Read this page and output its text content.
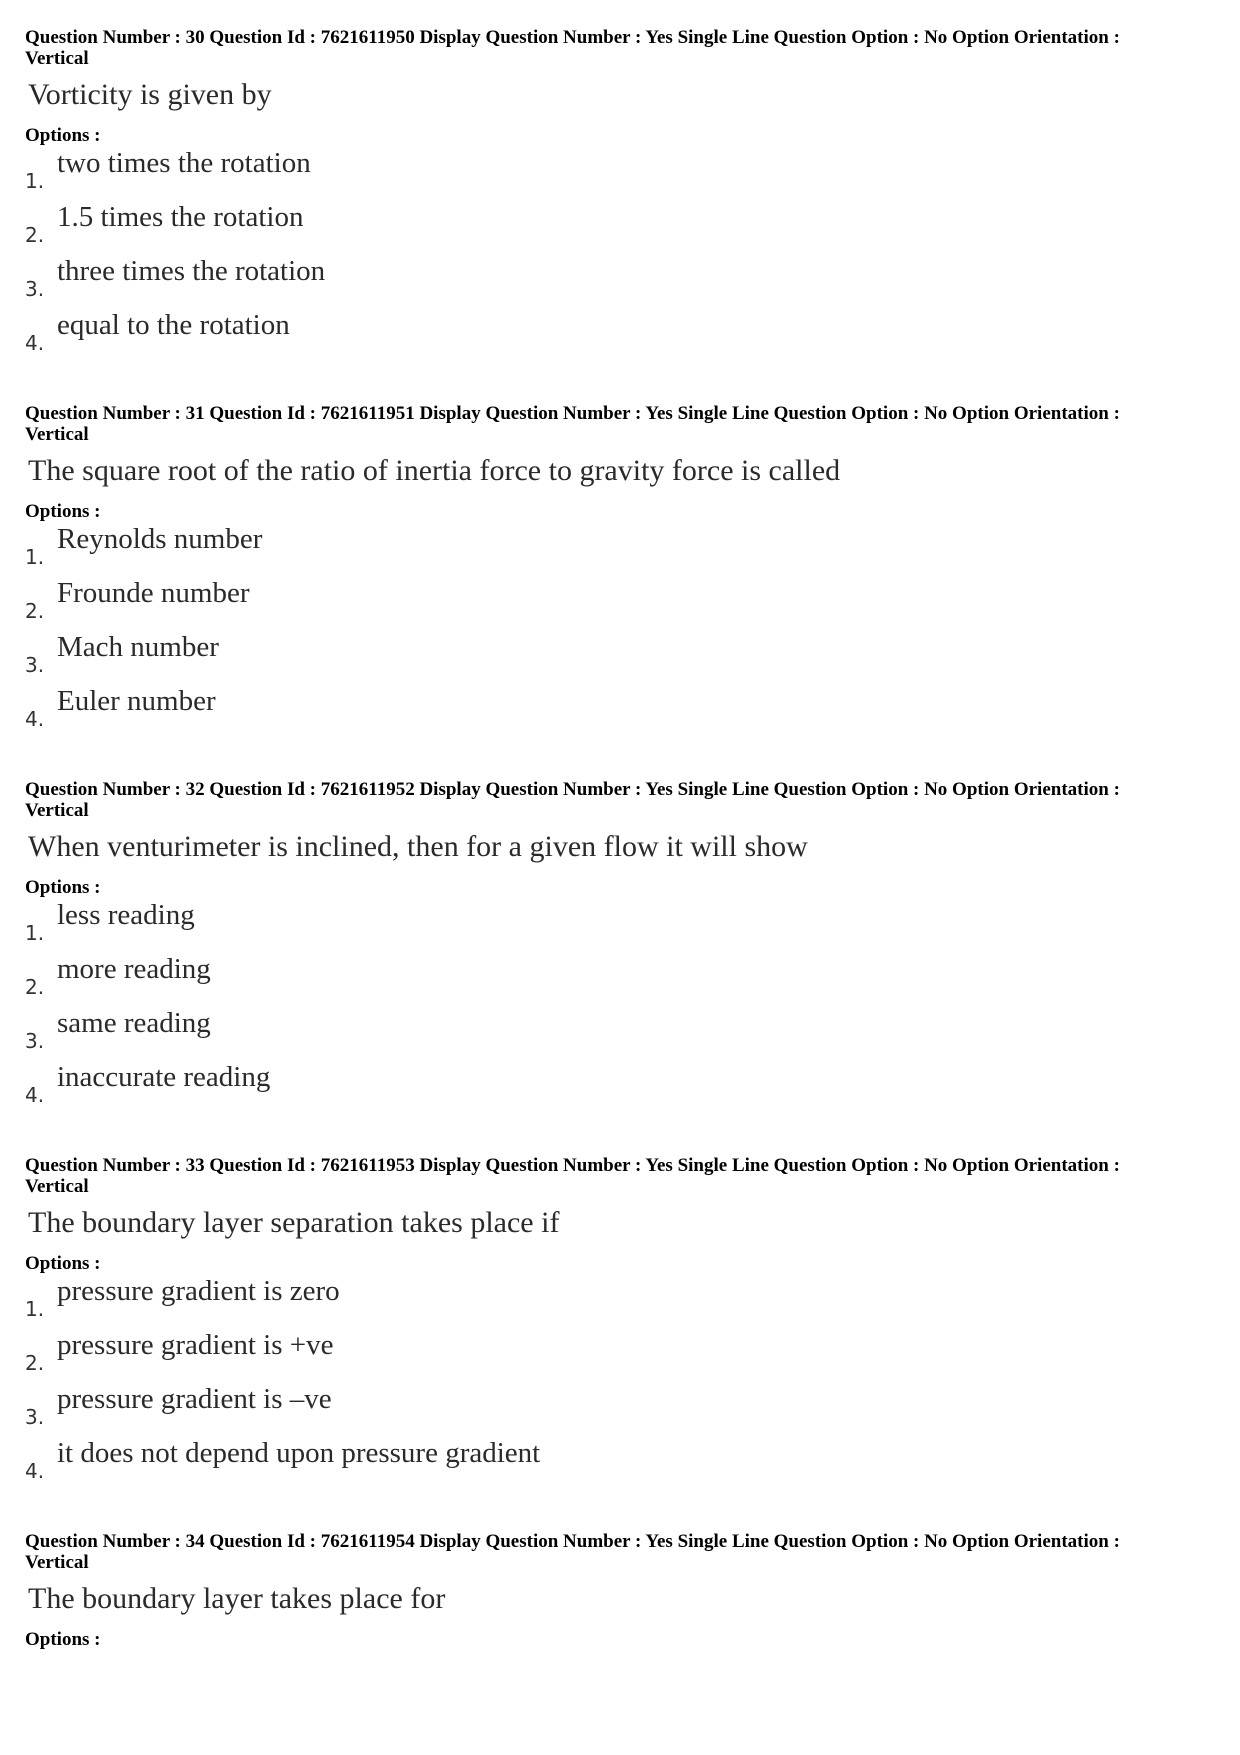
Question Number : 30 Question Id : 7621611950 Display Question Number : Yes Single Line Question Option : No Option Orientation : Vertical

Vorticity is given by
Options :
1.
two times the rotation
2.
1.5 times the rotation
3.
three times the rotation
4.
equal to the rotation

Question Number : 31 Question Id : 7621611951 Display Question Number : Yes Single Line Question Option : No Option Orientation : Vertical

The square root of the ratio of inertia force to gravity force is called
Options :
1.
Reynolds number
2.
Frounde number
3.
Mach number
4.
Euler number

Question Number : 32 Question Id : 7621611952 Display Question Number : Yes Single Line Question Option : No Option Orientation : Vertical

When venturimeter is inclined, then for a given flow it will show
Options :
1.
less reading
2.
more reading
3.
same reading
4.
inaccurate reading

Question Number : 33 Question Id : 7621611953 Display Question Number : Yes Single Line Question Option : No Option Orientation : Vertical

The boundary layer separation takes place if
Options :
1.
pressure gradient is zero
2.
pressure gradient is +ve
3.
pressure gradient is –ve
4.
it does not depend upon pressure gradient

Question Number : 34 Question Id : 7621611954 Display Question Number : Yes Single Line Question Option : No Option Orientation : Vertical

The boundary layer takes place for
Options :
